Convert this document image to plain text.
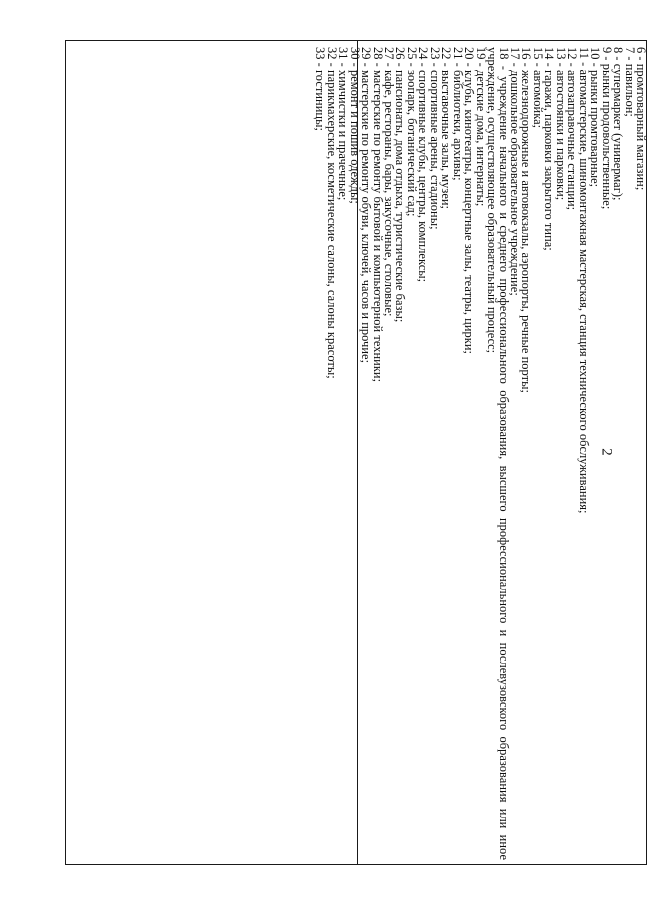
2
6 - промтоварный магазин;
7 - павильон;
8 - супермаркет (универмаг);
9 - рынки продовольственные;
10 - рынки промтоварные;
11 - автомастерские, шиномонтажная мастерская, станция технического обслуживания;
12 - автозаправочные станции;
13 - автостоянки и парковки;
14 - гаражи, парковки закрытого типа;
15 - автомойка;
16 - железнодорожные и автовокзалы, аэропорты, речные порты;
17 - дошкольное образовательное учреждение;
18 - учреждение начального и среднего профессионального образования, высшего профессионального и послевузовского образования или иное учреждение, осуществляющее образовательный процесс;
19 - детские дома, интернаты;
20 - клубы, кинотеатры, концертные залы, театры, цирки;
21 - библиотеки, архивы;
22 - выставочные залы, музеи;
23 - спортивные арены, стадионы;
24 - спортивные клубы, центры, комплексы;
25 - зоопарк, ботанический сад;
26 - пансионаты, дома отдыха, туристические базы;
27 - кафе, рестораны, бары, закусочные, столовые;
28 - мастерские по ремонту бытовой и компьютерной техники;
29 - мастерские по ремонту обуви, ключей, часов и прочие;
30 - ремонт и пошив одежды;
31 - химчистки и прачечные;
32 - парикмахерские, косметические салоны, салоны красоты;
33 - гостиницы;
